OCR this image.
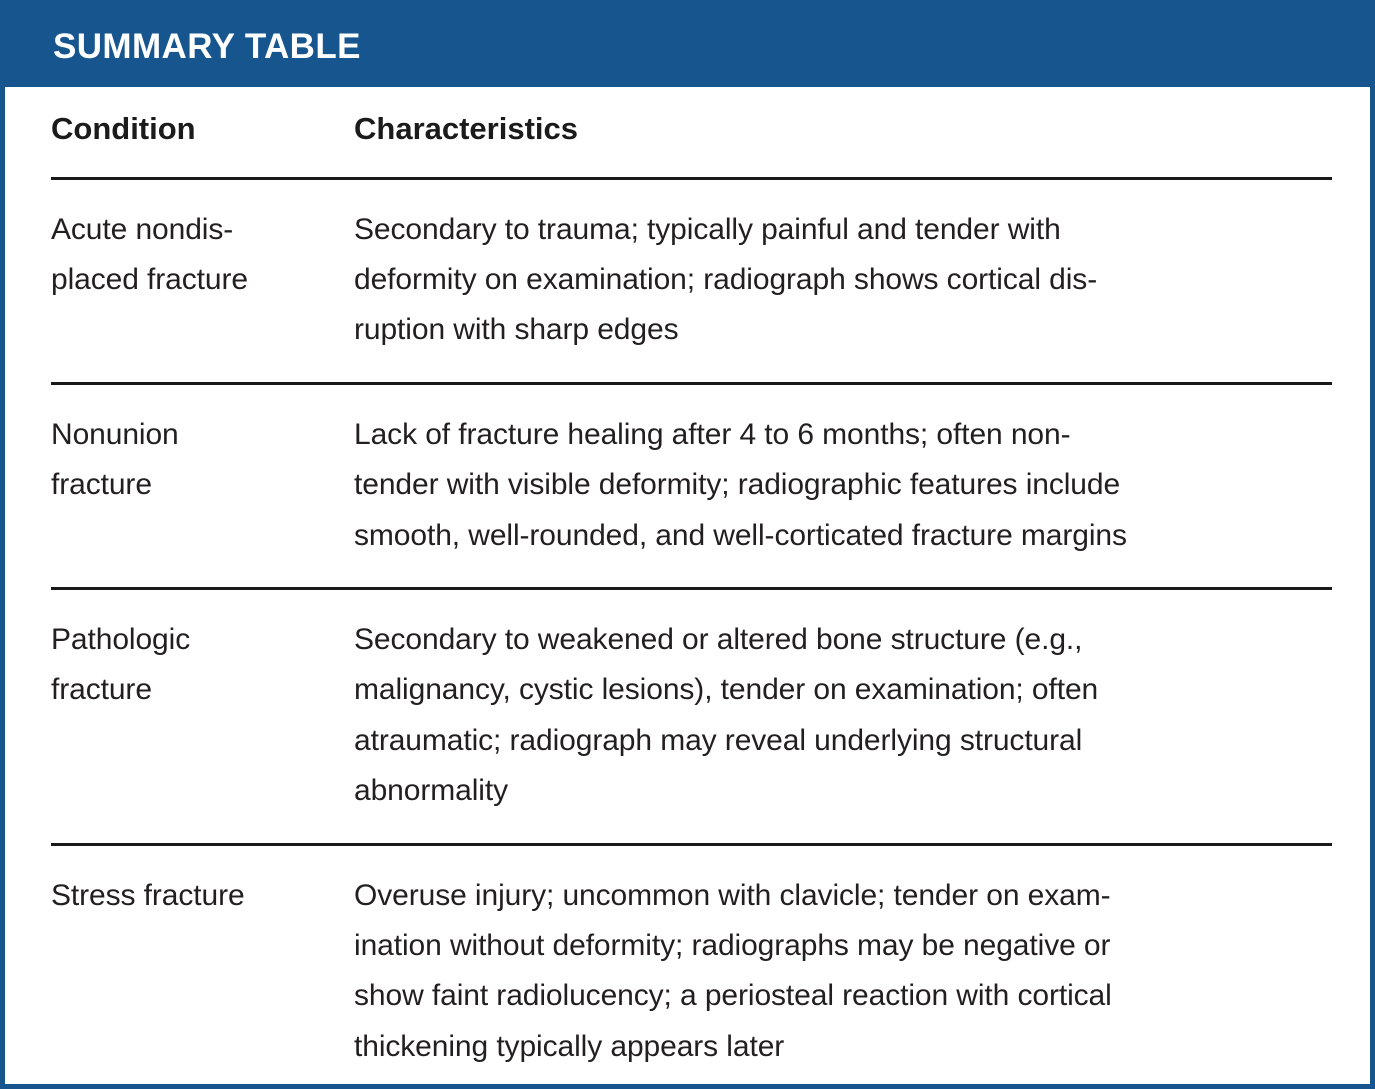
SUMMARY TABLE
Condition	Characteristics
Acute nondis-
placed fracture
Secondary to trauma; typically painful and tender with
deformity on examination; radiograph shows cortical dis-
ruption with sharp edges
Nonunion
fracture
Lack of fracture healing after 4 to 6 months; often non-
tender with visible deformity; radiographic features include
smooth, well-rounded, and well-corticated fracture margins
Pathologic
fracture
Secondary to weakened or altered bone structure (e.g.,
malignancy, cystic lesions), tender on examination; often
atraumatic; radiograph may reveal underlying structural
abnormality
Stress fracture	Overuse injury; uncommon with clavicle; tender on exam-
ination without deformity; radiographs may be negative or
show faint radiolucency; a periosteal reaction with cortical
thickening typically appears later
